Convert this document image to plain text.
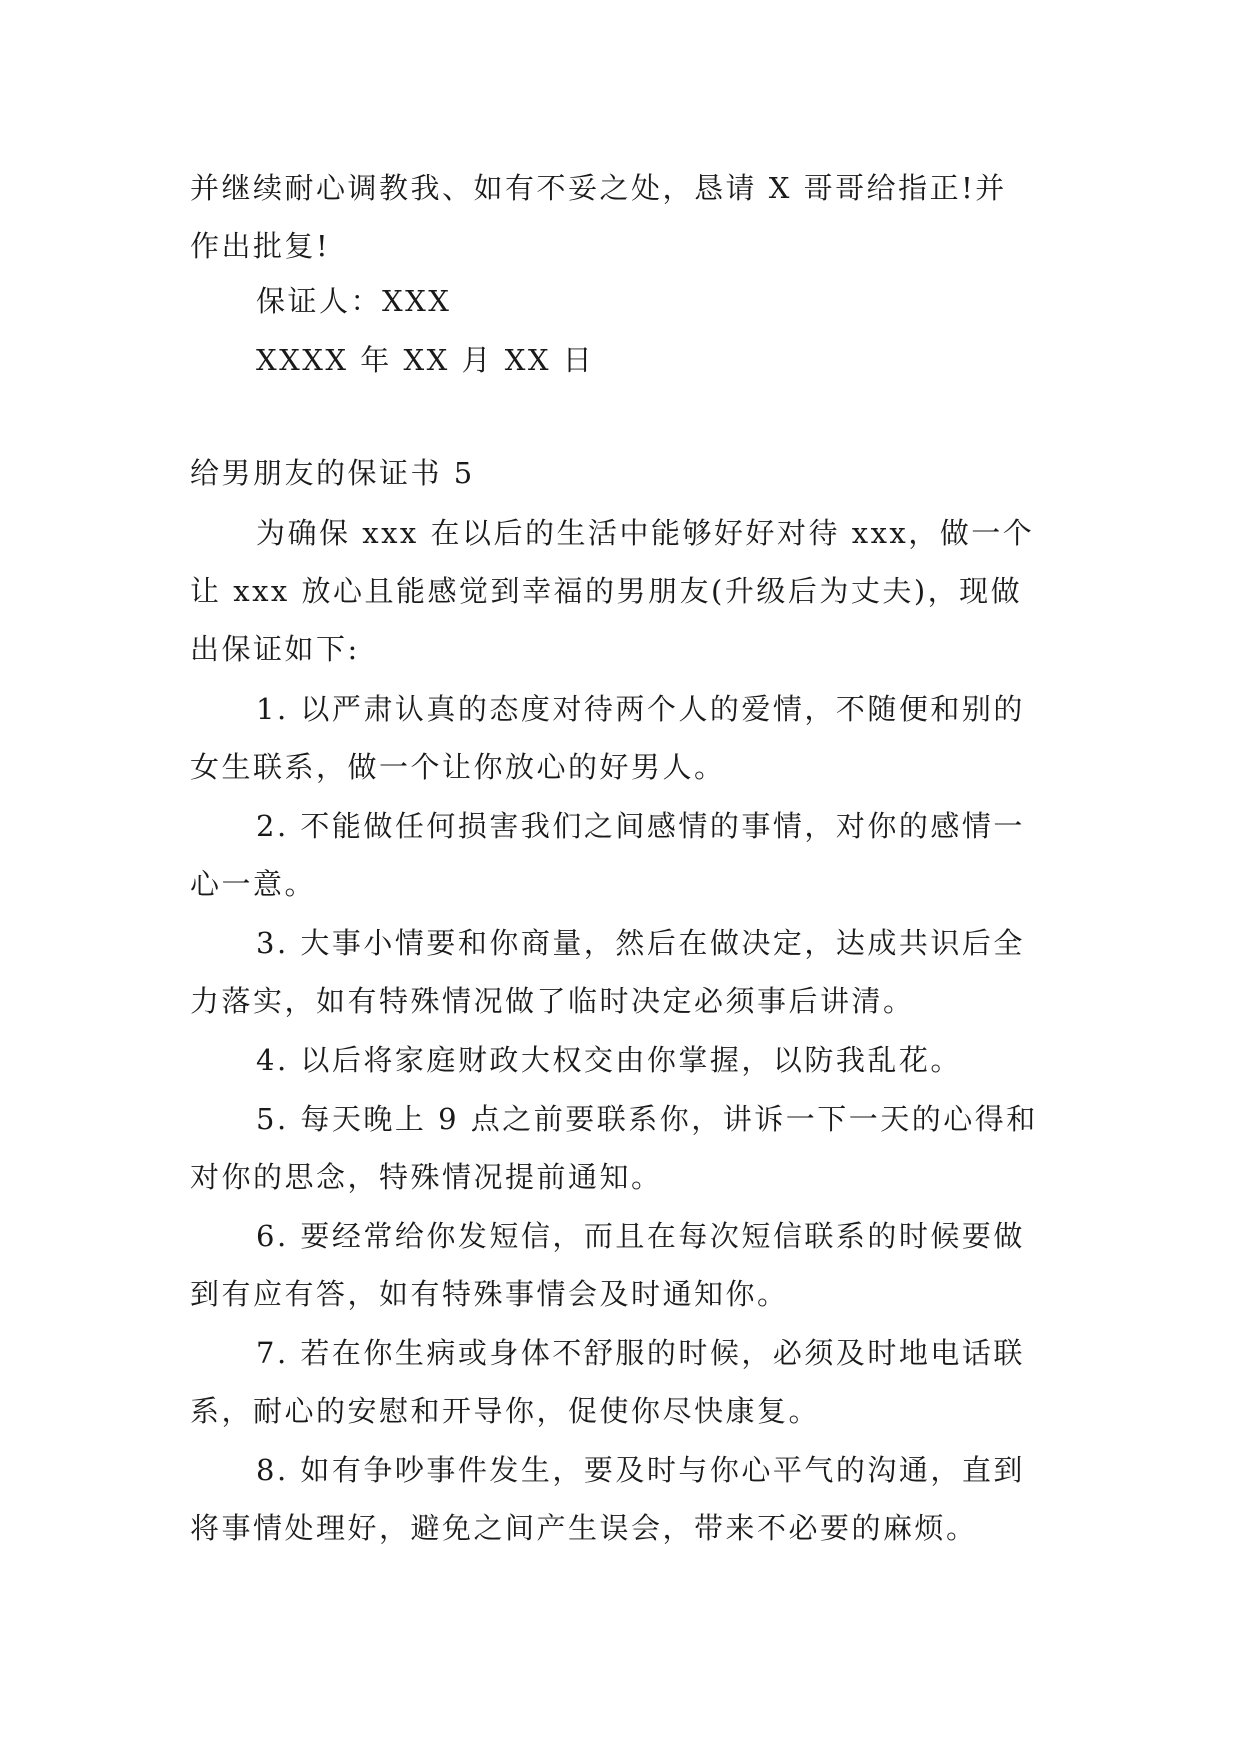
并继续耐心调教我、如有不妥之处，恳请 X 哥哥给指正!并
作出批复!

保证人：XXX

XXXX 年 XX 月 XX 日

给男朋友的保证书 5

为确保 xxx 在以后的生活中能够好好对待 xxx，做一个
让 xxx 放心且能感觉到幸福的男朋友(升级后为丈夫)，现做
出保证如下:

1. 以严肃认真的态度对待两个人的爱情，不随便和别的
女生联系，做一个让你放心的好男人。

2. 不能做任何损害我们之间感情的事情，对你的感情一
心一意。

3. 大事小情要和你商量，然后在做决定，达成共识后全
力落实，如有特殊情况做了临时决定必须事后讲清。

4. 以后将家庭财政大权交由你掌握，以防我乱花。

5. 每天晚上 9 点之前要联系你，讲诉一下一天的心得和
对你的思念，特殊情况提前通知。

6. 要经常给你发短信，而且在每次短信联系的时候要做
到有应有答，如有特殊事情会及时通知你。

7. 若在你生病或身体不舒服的时候，必须及时地电话联
系，耐心的安慰和开导你，促使你尽快康复。

8. 如有争吵事件发生，要及时与你心平气的沟通，直到
将事情处理好，避免之间产生误会，带来不必要的麻烦。
